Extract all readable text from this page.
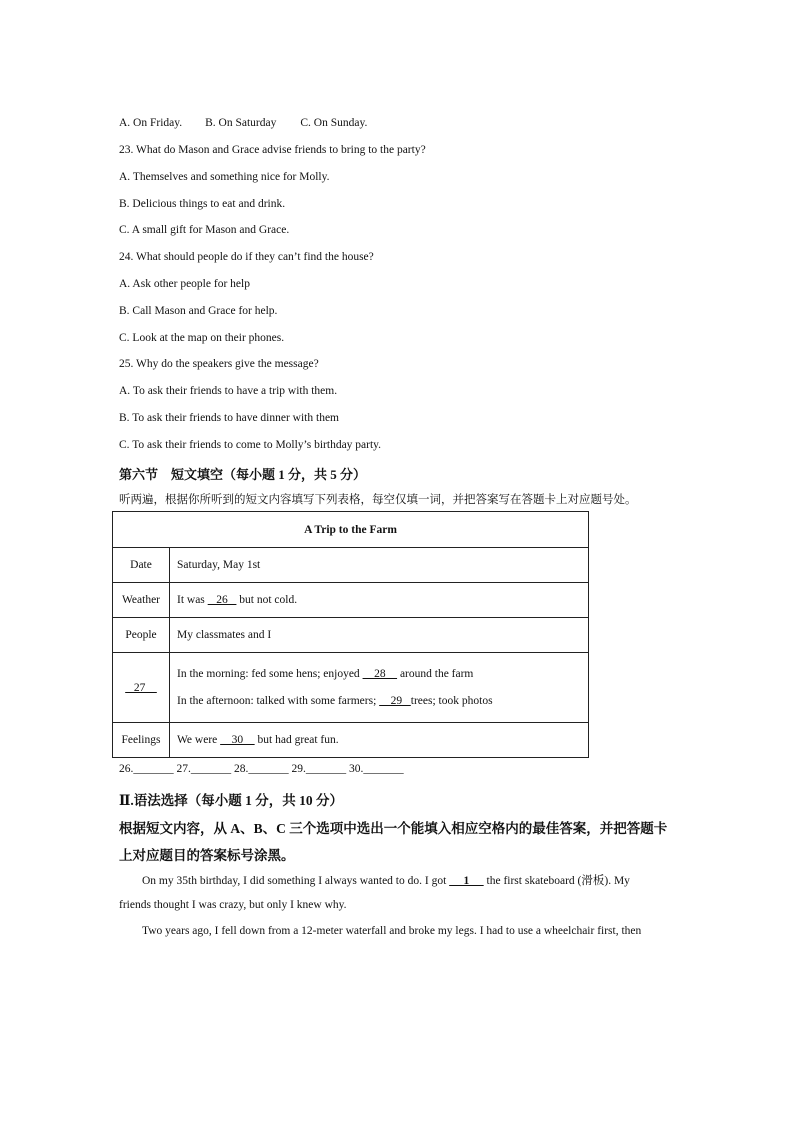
A. On Friday. B. On Saturday C. On Sunday.
23. What do Mason and Grace advise friends to bring to the party?
A. Themselves and something nice for Molly.
B. Delicious things to eat and drink.
C. A small gift for Mason and Grace.
24. What should people do if they can’t find the house?
A. Ask other people for help
B. Call Mason and Grace for help.
C. Look at the map on their phones.
25. Why do the speakers give the message?
A. To ask their friends to have a trip with them.
B. To ask their friends to have dinner with them
C. To ask their friends to come to Molly’s birthday party.
第六节　短文填空（每小题 1 分，共 5 分）
听两遍，根据你所听到的短文内容填写下列表格，每空仅填一词，并把答案写在答题卡上对应题号处。
A Trip to the Farm	
Date	Saturday, May 1st
Weather	It was    26    but not cold.
People	My classmates and I
27	In the morning: fed some hens; enjoyed     28     around the farm
In the afternoon: talked with some farmers;     29   trees; took photos

Feelings	We were     30     but had great fun.
26._______ 27._______ 28._______ 29._______ 30._______
Ⅱ.语法选择（每小题 1 分，共 10 分）
根据短文内容，从 A、B、C 三个选项中选出一个能填入相应空格内的最佳答案，并把答题卡
上对应题目的答案标号涂黑。
On my 35th birthday, I did something I always wanted to do. I got      1      the first skateboard (滑板). My
friends thought I was crazy, but only I knew why.
Two years ago, I fell down from a 12-meter waterfall and broke my legs. I had to use a wheelchair first, then
